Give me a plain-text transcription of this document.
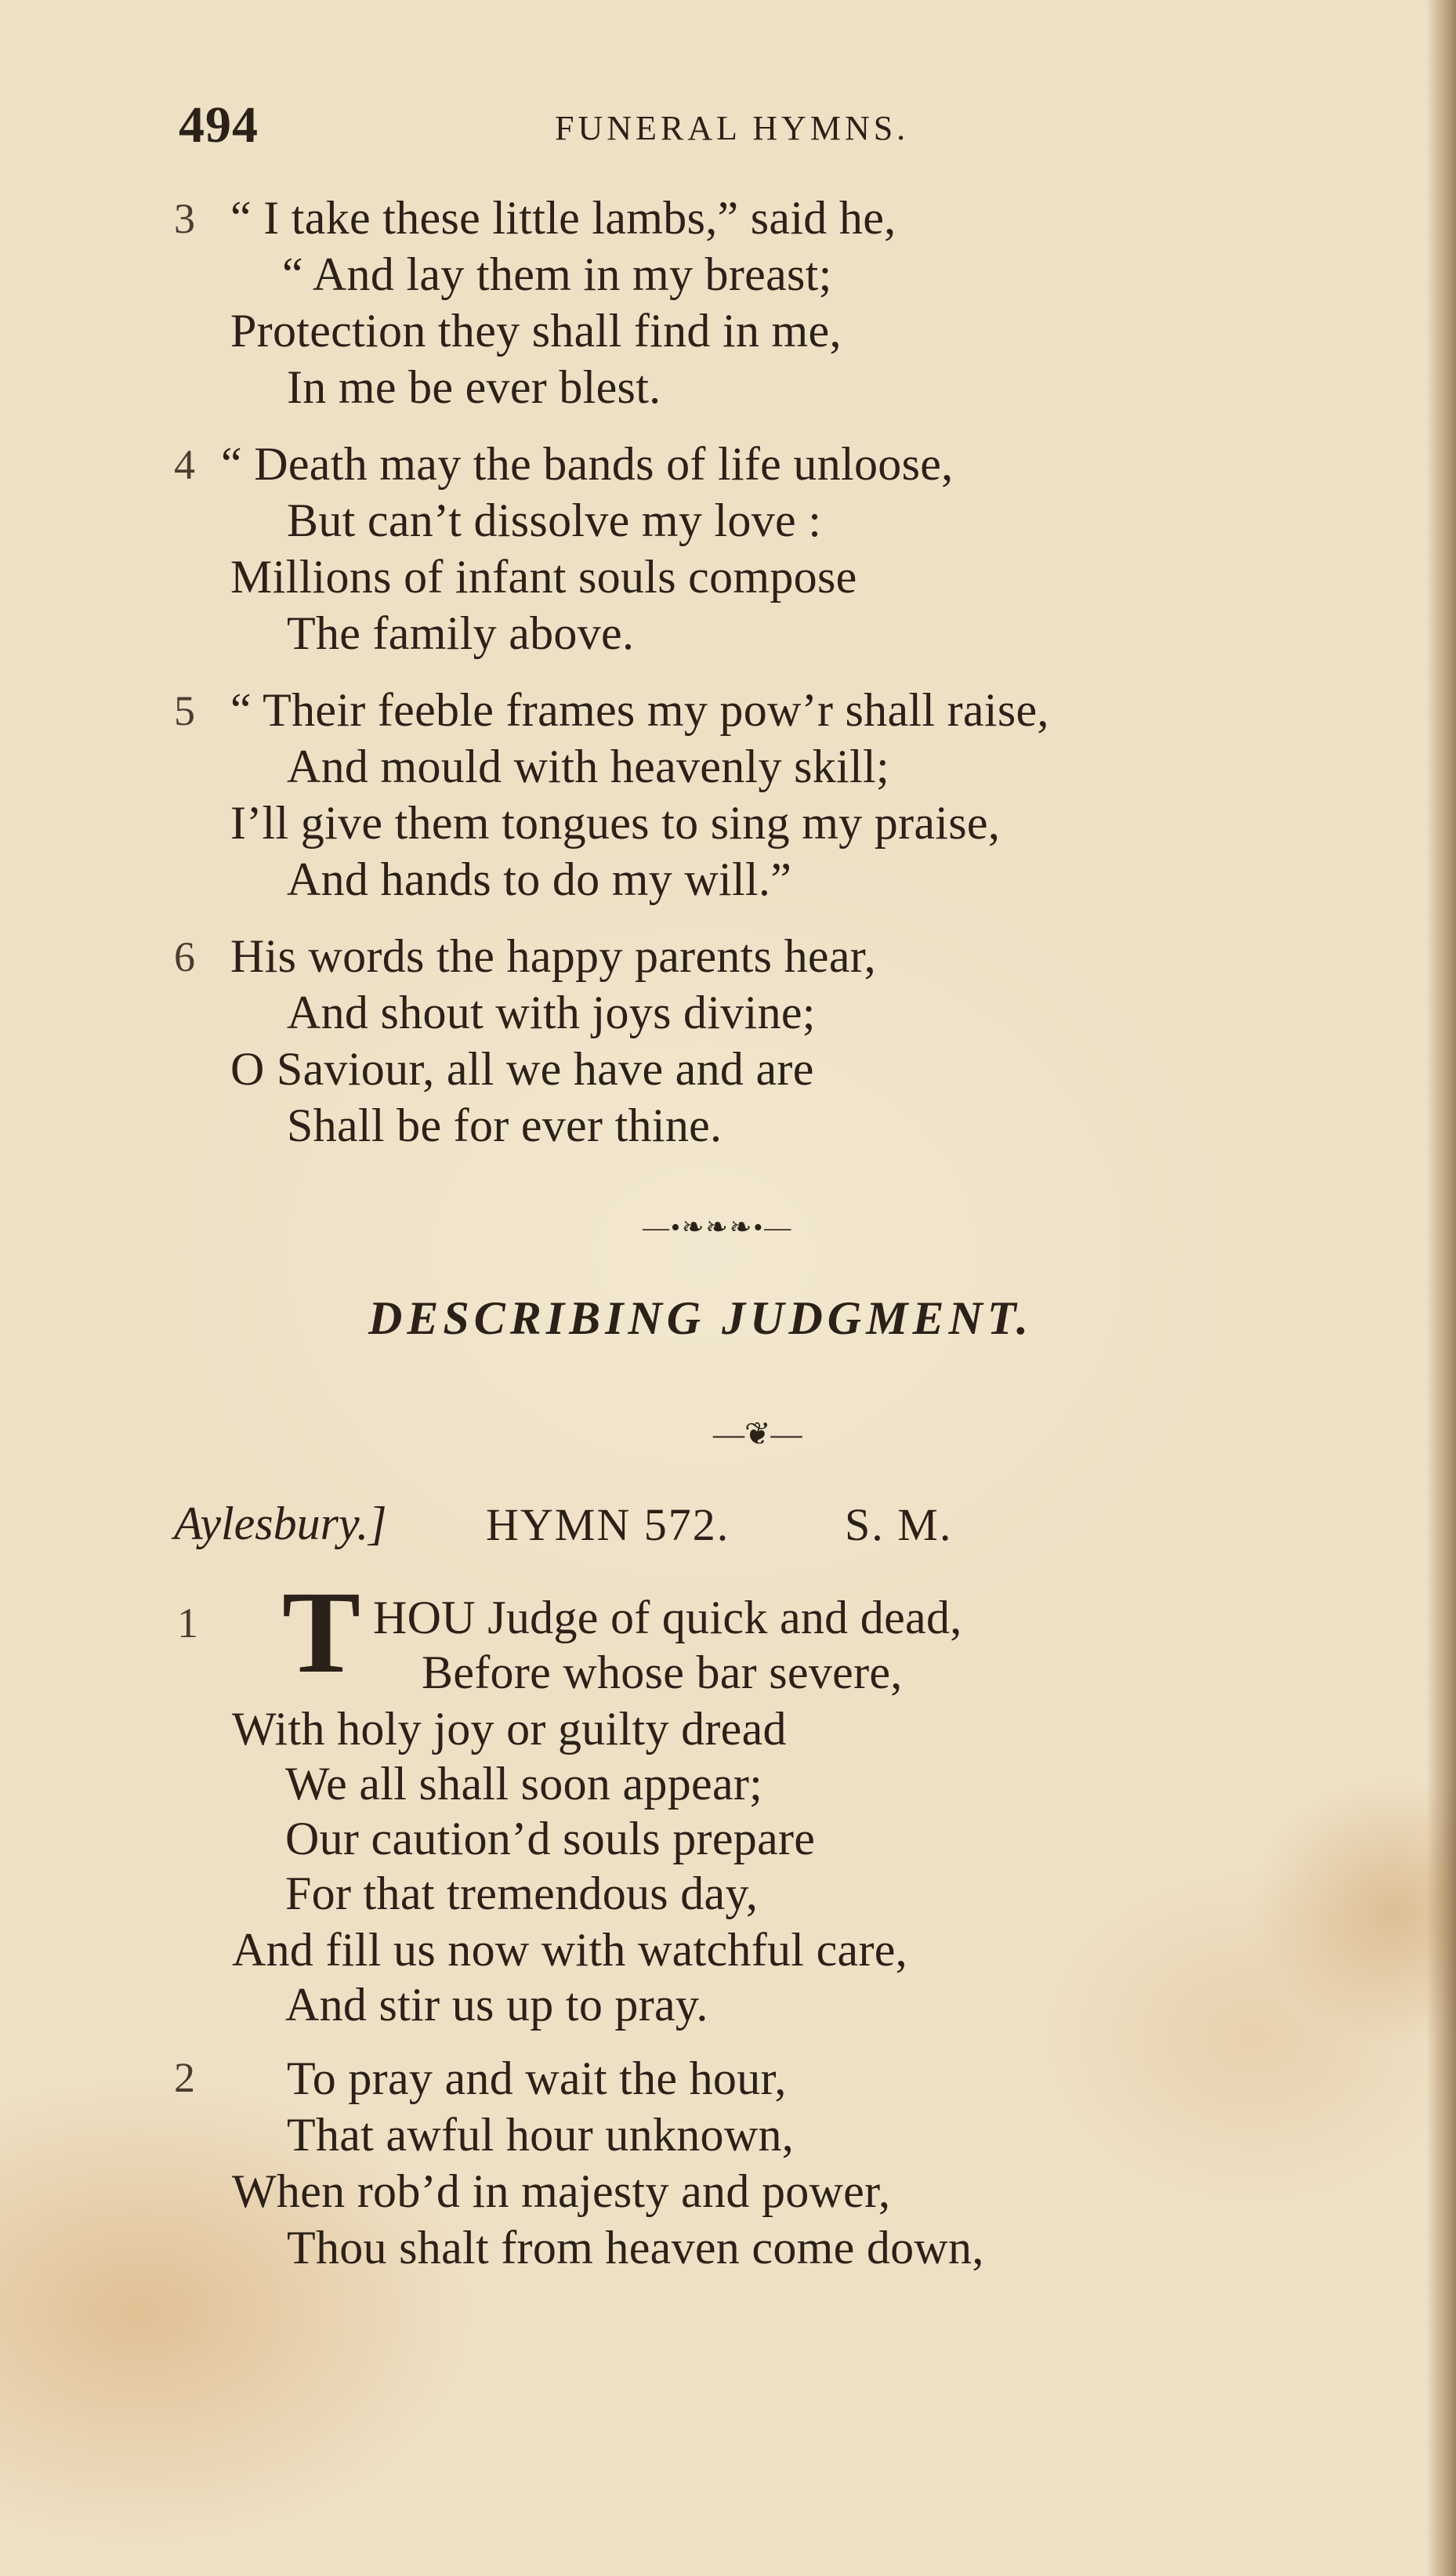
494	FUNERAL HYMNS.
3 “ I take these little lambs,” said he,
“ And lay them in my breast;
Protection they shall find in me,
In me be ever blest.
4 “ Death may the bands of life unloose,
But can’t dissolve my love :
Millions of infant souls compose
The family above.
5 “ Their feeble frames my pow’r shall raise,
And mould with heavenly skill;
I’ll give them tongues to sing my praise,
And hands to do my will.”
6 His words the happy parents hear,
And shout with joys divine;
O Saviour, all we have and are
Shall be for ever thine.
—•❧❧❧•—
DESCRIBING JUDGMENT.
—❦—
Aylesbury.] HYMN 572.	S. M.
1 T HOU Judge of quick and dead,
Before whose bar severe,
With holy joy or guilty dread
We all shall soon appear;
Our caution’d souls prepare
For that tremendous day,
And fill us now with watchful care,
And stir us up to pray.
2 To pray and wait the hour,
That awful hour unknown,
When rob’d in majesty and power,
Thou shalt from heaven come down,
